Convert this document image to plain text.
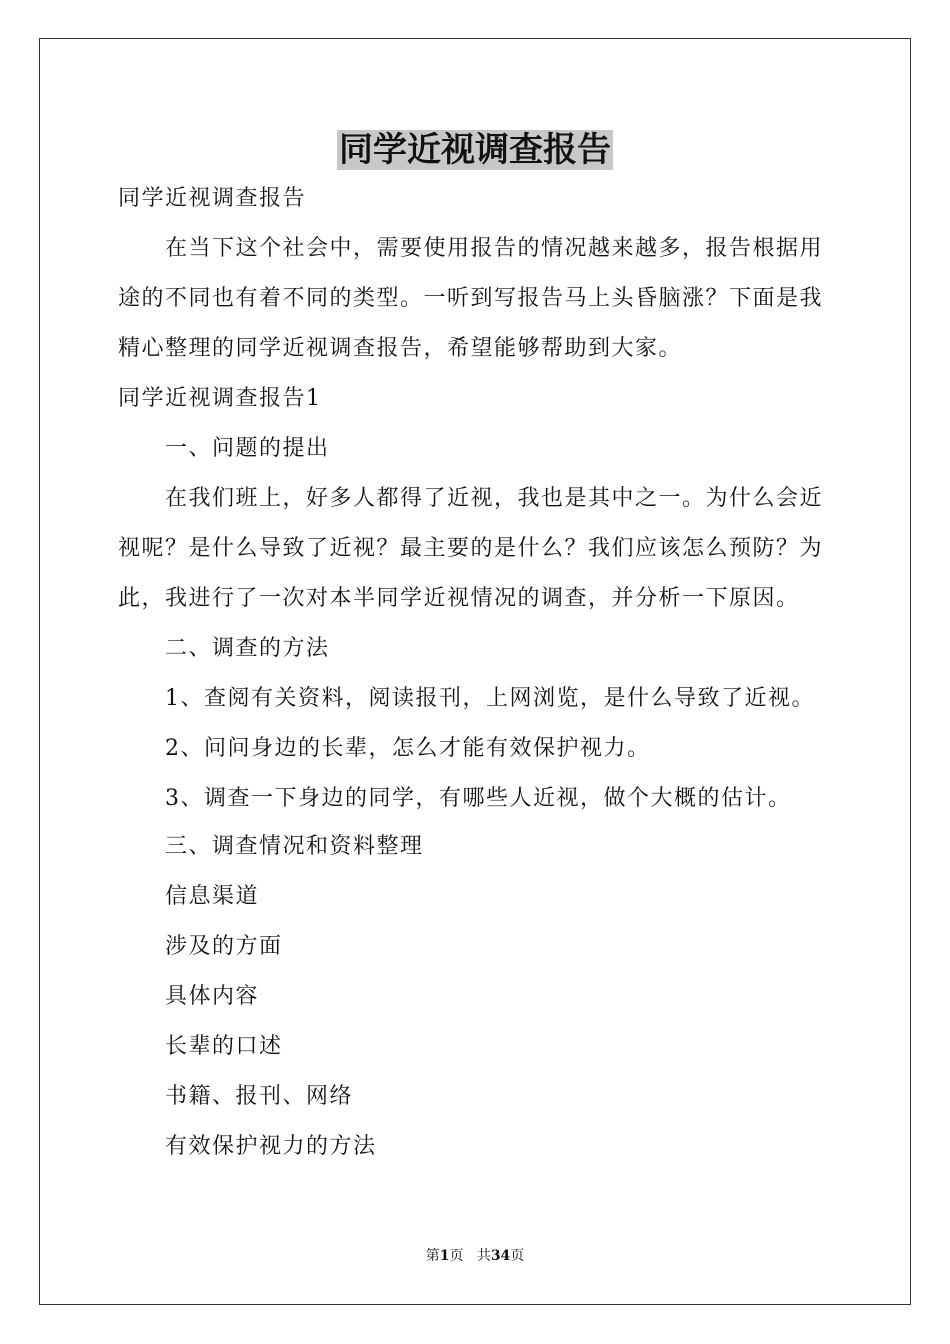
同学近视调查报告

同学近视调查报告

在当下这个社会中，需要使用报告的情况越来越多，报告根据用

途的不同也有着不同的类型。一听到写报告马上头昏脑涨？下面是我

精心整理的同学近视调查报告，希望能够帮助到大家。

同学近视调查报告1

一、问题的提出

在我们班上，好多人都得了近视，我也是其中之一。为什么会近

视呢？是什么导致了近视？最主要的是什么？我们应该怎么预防？为

此，我进行了一次对本半同学近视情况的调查，并分析一下原因。

二、调查的方法

1、查阅有关资料，阅读报刊，上网浏览，是什么导致了近视。

2、问问身边的长辈，怎么才能有效保护视力。

3、调查一下身边的同学，有哪些人近视，做个大概的估计。

三、调查情况和资料整理

信息渠道

涉及的方面

具体内容

长辈的口述

书籍、报刊、网络

有效保护视力的方法

第1页 共34页
